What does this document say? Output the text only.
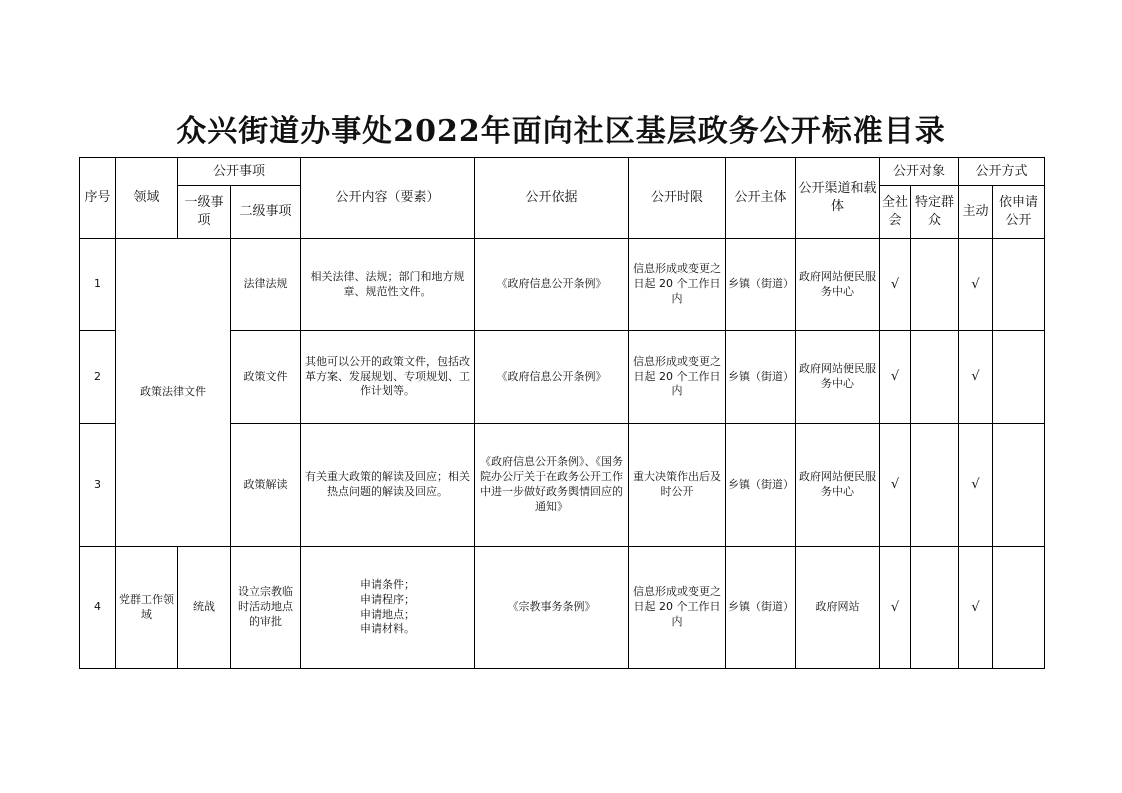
众兴街道办事处2022年面向社区基层政务公开标准目录
序号	领域	公开事项		公开内容（要素）	公开依据	公开时限	公开主体	公开渠道和载体	公开对象		公开方式	
		一级事项	二级事项						全社会	特定群众	主动	依申请公开
1	政策法律文件		法律法规	相关法律、法规；部门和地方规章、规范性文件。	《政府信息公开条例》	信息形成或变更之日起 20 个工作日内	乡镇（街道）	政府网站便民服务中心	√		√	
2			政策文件	其他可以公开的政策文件，包括改革方案、发展规划、专项规划、工作计划等。	《政府信息公开条例》	信息形成或变更之日起 20 个工作日内	乡镇（街道）	政府网站便民服务中心	√		√	
3			政策解读	有关重大政策的解读及回应；相关热点问题的解读及回应。	《政府信息公开条例》、《国务院办公厅关于在政务公开工作中进一步做好政务舆情回应的通知》	重大决策作出后及时公开	乡镇（街道）	政府网站便民服务中心	√		√	
4	党群工作领域	统战	设立宗教临时活动地点的审批	申请条件；
申请程序；
申请地点；
申请材料。	《宗教事务条例》	信息形成或变更之日起 20 个工作日内	乡镇（街道）	政府网站	√		√	
